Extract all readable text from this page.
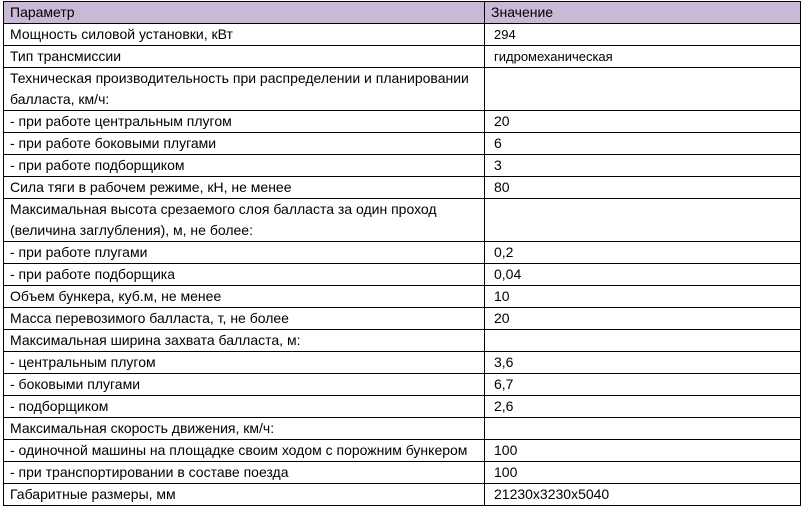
Параметр	Значение
Мощность силовой установки, кВт	294
Тип трансмиссии	гидромеханическая
Техническая производительность при распределении и планировании балласта, км/ч:	
- при работе центральным плугом	20
- при работе боковыми плугами	6
- при работе подборщиком	3
Сила тяги в рабочем режиме, кН, не менее	80
Максимальная высота срезаемого слоя балласта за один проход (величина заглубления), м, не более:	
- при работе плугами	0,2
- при работе подборщика	0,04
Объем бункера, куб.м, не менее	10
Масса перевозимого балласта, т, не более	20
Максимальная ширина захвата балласта, м:	
- центральным плугом	3,6
- боковыми плугами	6,7
- подборщиком	2,6
Максимальная скорость движения, км/ч:	
- одиночной машины на площадке своим ходом с порожним бункером	100
- при транспортировании в составе поезда	100
Габаритные размеры, мм	21230х3230х5040
